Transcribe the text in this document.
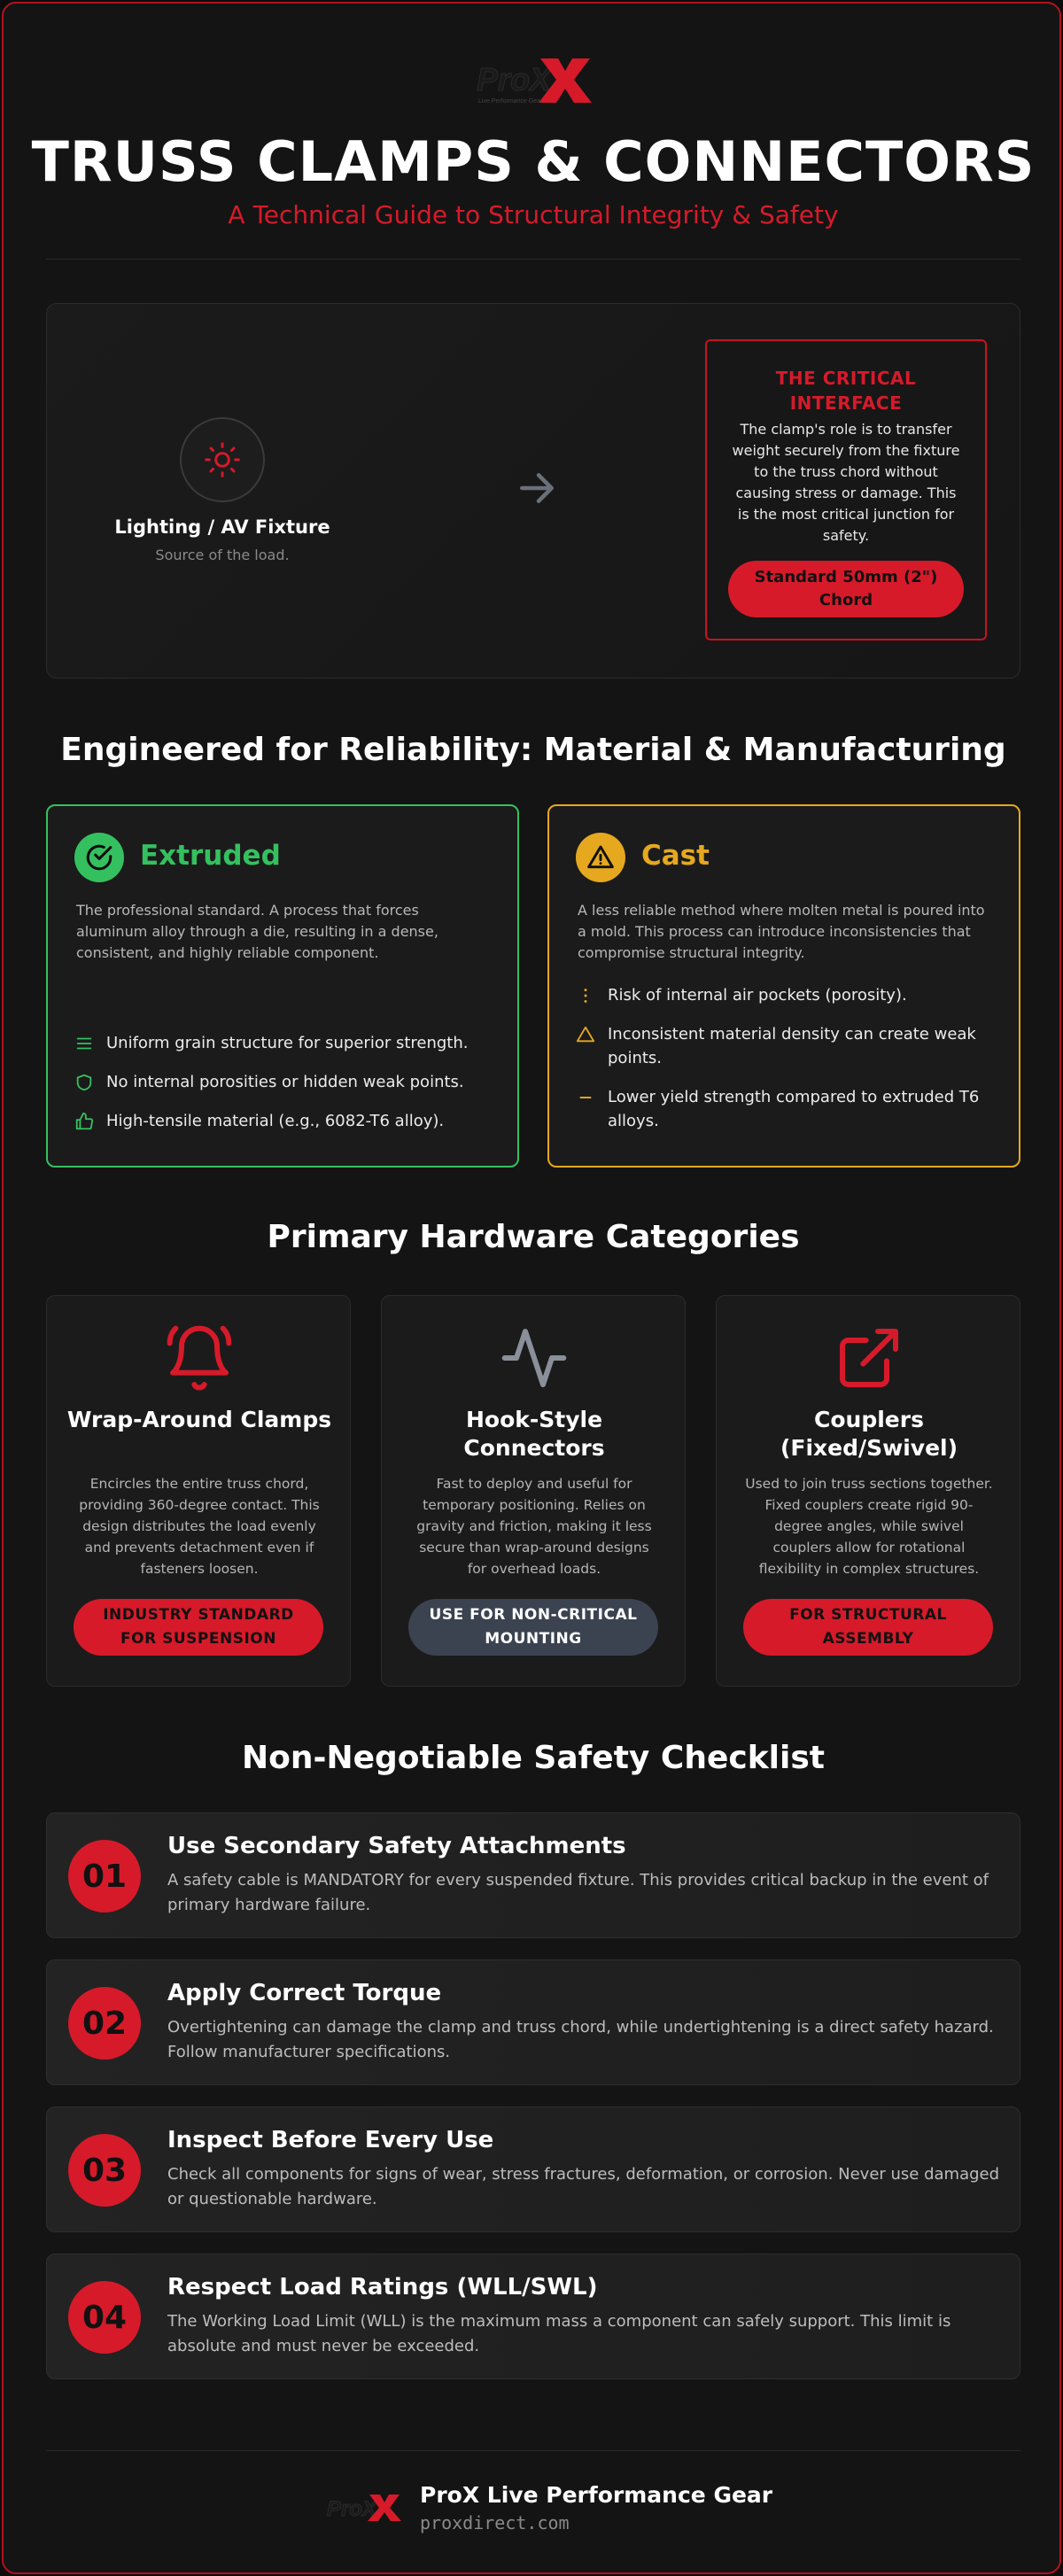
ProX
Live Performance Gear
TRUSS CLAMPS & CONNECTORS
A Technical Guide to Structural Integrity & Safety
Lighting / AV Fixture
Source of the load.
THE CRITICAL INTERFACE
The clamp's role is to transfer weight securely from the fixture to the truss chord without causing stress or damage. This is the most critical junction for safety.
Standard 50mm (2") Chord
Engineered for Reliability: Material & Manufacturing
Extruded
The professional standard. A process that forces aluminum alloy through a die, resulting in a dense, consistent, and highly reliable component.
Uniform grain structure for superior strength.
No internal porosities or hidden weak points.
High-tensile material (e.g., 6082-T6 alloy).
Cast
A less reliable method where molten metal is poured into a mold. This process can introduce inconsistencies that compromise structural integrity.
Risk of internal air pockets (porosity).
Inconsistent material density can create weak points.
Lower yield strength compared to extruded T6 alloys.
Primary Hardware Categories
Wrap-Around Clamps
Encircles the entire truss chord, providing 360-degree contact. This design distributes the load evenly and prevents detachment even if fasteners loosen.
INDUSTRY STANDARD FOR SUSPENSION
Hook-Style Connectors
Fast to deploy and useful for temporary positioning. Relies on gravity and friction, making it less secure than wrap-around designs for overhead loads.
USE FOR NON-CRITICAL MOUNTING
Couplers (Fixed/Swivel)
Used to join truss sections together. Fixed couplers create rigid 90-degree angles, while swivel couplers allow for rotational flexibility in complex structures.
FOR STRUCTURAL ASSEMBLY
Non-Negotiable Safety Checklist
01
Use Secondary Safety Attachments
A safety cable is MANDATORY for every suspended fixture. This provides critical backup in the event of primary hardware failure.
02
Apply Correct Torque
Overtightening can damage the clamp and truss chord, while undertightening is a direct safety hazard. Follow manufacturer specifications.
03
Inspect Before Every Use
Check all components for signs of wear, stress fractures, deformation, or corrosion. Never use damaged or questionable hardware.
04
Respect Load Ratings (WLL/SWL)
The Working Load Limit (WLL) is the maximum mass a component can safely support. This limit is absolute and must never be exceeded.
ProX
ProX Live Performance Gear
proxdirect.com
